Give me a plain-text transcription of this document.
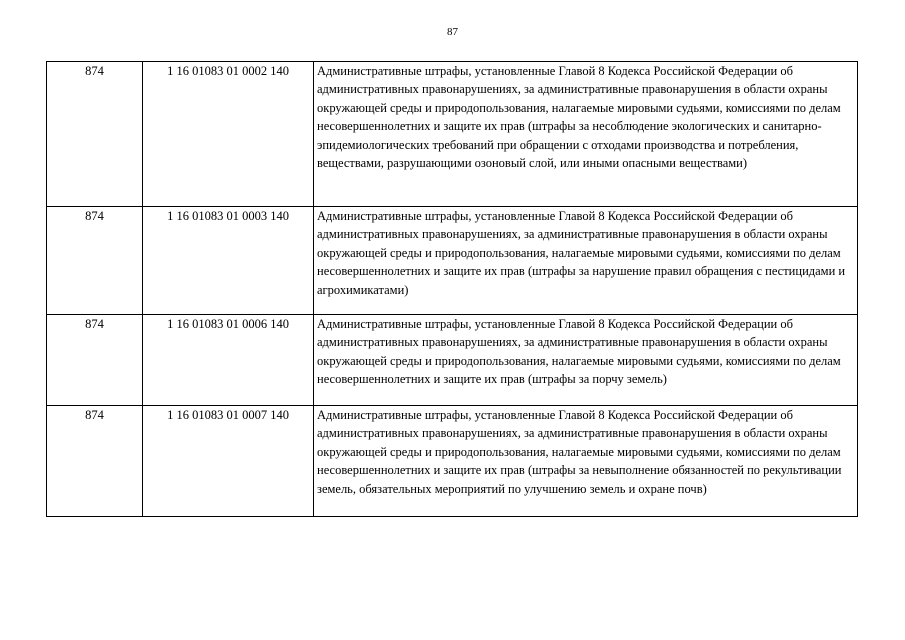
87
874	1 16 01083 01 0002 140	Административные штрафы, установленные Главой 8 Кодекса Российской Федерации об административных правонарушениях, за административные правонарушения в области охраны окружающей среды и природопользования, налагаемые мировыми судьями, комиссиями по делам несовершеннолетних и защите их прав (штрафы за несоблюдение экологических и санитарно-эпидемиологических требований при обращении с отходами производства и потребления, веществами, разрушающими озоновый слой, или иными опасными веществами)
874	1 16 01083 01 0003 140	Административные штрафы, установленные Главой 8 Кодекса Российской Федерации об административных правонарушениях, за административные правонарушения в области охраны окружающей среды и природопользования, налагаемые мировыми судьями, комиссиями по делам несовершеннолетних и защите их прав (штрафы за нарушение правил обращения с пестицидами и агрохимикатами)
874	1 16 01083 01 0006 140	Административные штрафы, установленные Главой 8 Кодекса Российской Федерации об административных правонарушениях, за административные правонарушения в области охраны окружающей среды и природопользования, налагаемые мировыми судьями, комиссиями по делам несовершеннолетних и защите их прав (штрафы за порчу земель)
874	1 16 01083 01 0007 140	Административные штрафы, установленные Главой 8 Кодекса Российской Федерации об административных правонарушениях, за административные правонарушения в области охраны окружающей среды и природопользования, налагаемые мировыми судьями, комиссиями по делам несовершеннолетних и защите их прав (штрафы за невыполнение обязанностей по рекультивации земель, обязательных мероприятий по улучшению земель и охране почв)
